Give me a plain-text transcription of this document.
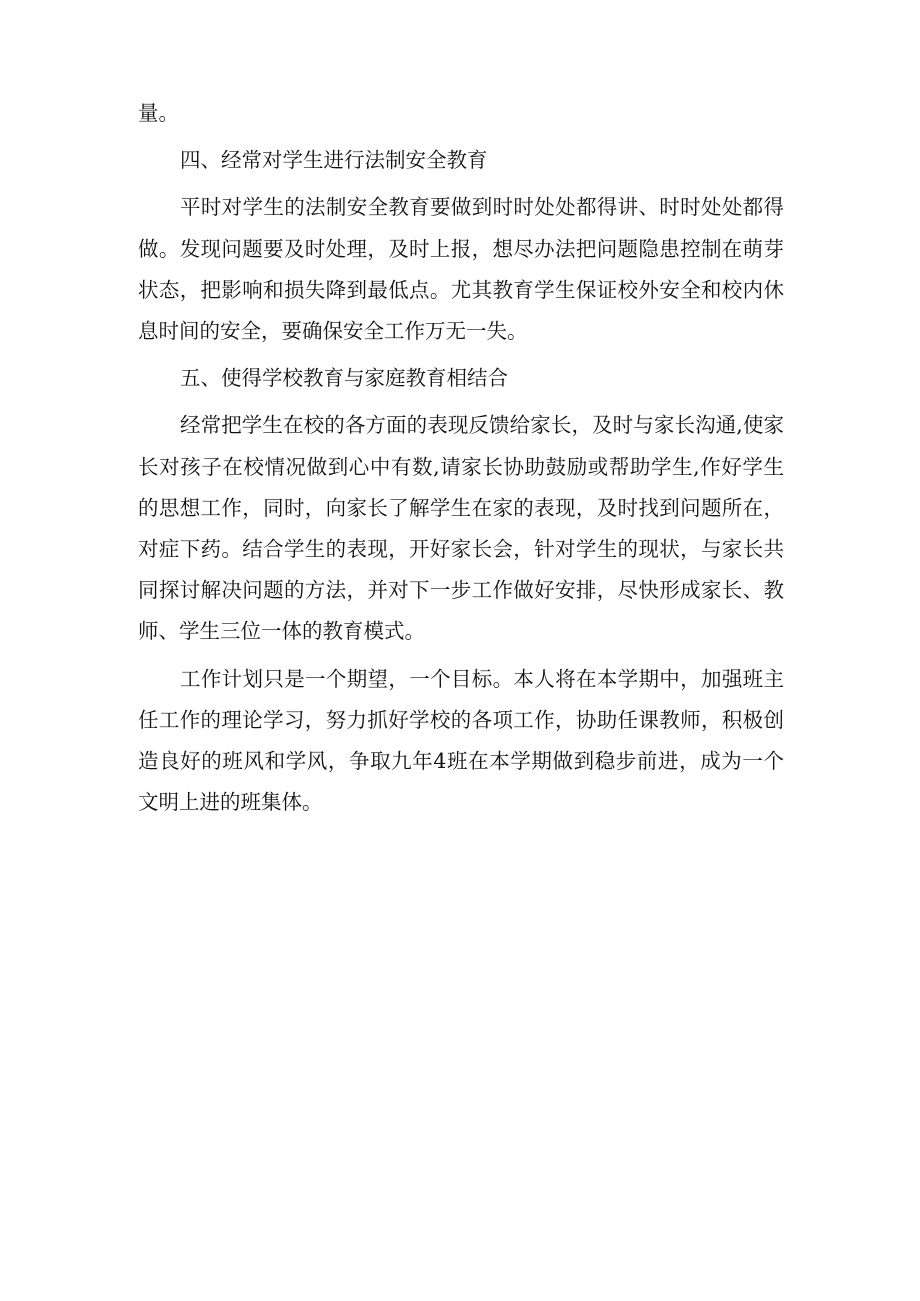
量。

四、经常对学生进行法制安全教育

平时对学生的法制安全教育要做到时时处处都得讲、时时处处都得做。发现问题要及时处理，及时上报，想尽办法把问题隐患控制在萌芽状态，把影响和损失降到最低点。尤其教育学生保证校外安全和校内休息时间的安全，要确保安全工作万无一失。

五、使得学校教育与家庭教育相结合

经常把学生在校的各方面的表现反馈给家长，及时与家长沟通,使家长对孩子在校情况做到心中有数,请家长协助鼓励或帮助学生,作好学生的思想工作，同时，向家长了解学生在家的表现，及时找到问题所在，对症下药。结合学生的表现，开好家长会，针对学生的现状，与家长共同探讨解决问题的方法，并对下一步工作做好安排，尽快形成家长、教师、学生三位一体的教育模式。

工作计划只是一个期望，一个目标。本人将在本学期中，加强班主任工作的理论学习，努力抓好学校的各项工作，协助任课教师，积极创造良好的班风和学风，争取九年4班在本学期做到稳步前进，成为一个文明上进的班集体。
